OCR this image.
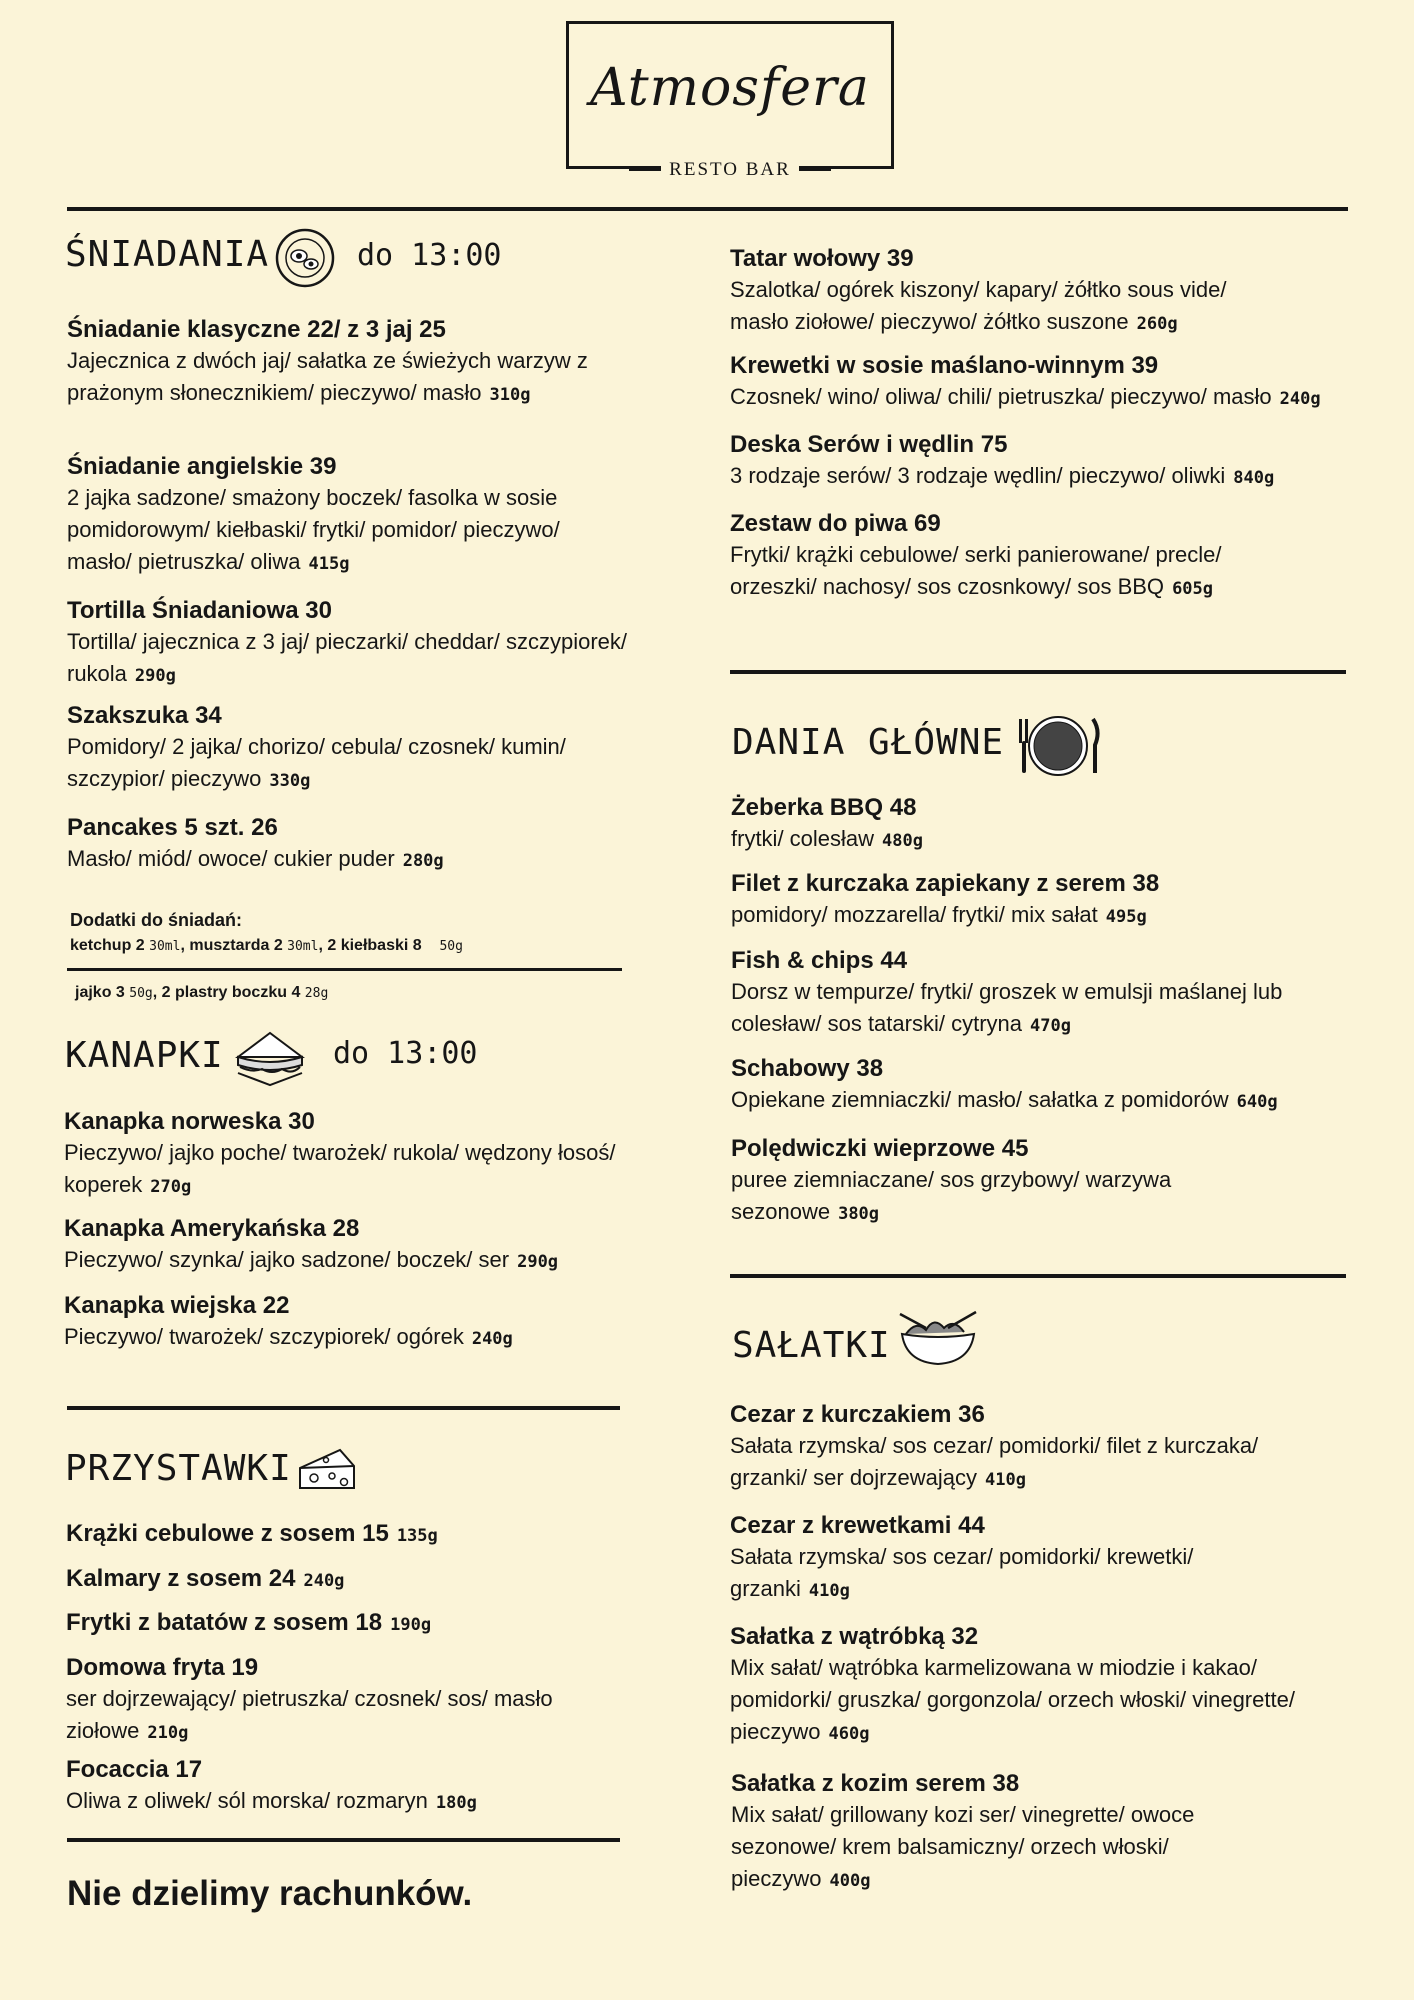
Atmosfera
RESTO BAR
ŚNIADANIA	do 13:00
Śniadanie klasyczne 22/ z 3 jaj 25
Jajecznica z dwóch jaj/ sałatka ze świeżych warzyw z prażonym słonecznikiem/ pieczywo/ masło 310g
Śniadanie angielskie 39
2 jajka sadzone/ smażony boczek/ fasolka w sosie pomidorowym/ kiełbaski/ frytki/ pomidor/ pieczywo/ masło/ pietruszka/ oliwa 415g
Tortilla Śniadaniowa 30
Tortilla/ jajecznica z 3 jaj/ pieczarki/ cheddar/ szczypiorek/ rukola 290g
Szakszuka 34
Pomidory/ 2 jajka/ chorizo/ cebula/ czosnek/ kumin/ szczypior/ pieczywo 330g
Pancakes 5 szt. 26
Masło/ miód/ owoce/ cukier puder 280g
Dodatki do śniadań:
ketchup 2 30ml, musztarda 2 30ml, 2 kiełbaski 8    50g
jajko 3 50g, 2 plastry boczku 4 28g
KANAPKI	do 13:00
Kanapka norweska 30
Pieczywo/ jajko poche/ twarożek/ rukola/ wędzony łosoś/ koperek 270g
Kanapka Amerykańska 28
Pieczywo/ szynka/ jajko sadzone/ boczek/ ser 290g
Kanapka wiejska 22
Pieczywo/ twarożek/ szczypiorek/ ogórek 240g
PRZYSTAWKI
Krążki cebulowe z sosem 15 135g
Kalmary z sosem 24 240g
Frytki z batatów z sosem 18 190g
Domowa fryta 19
ser dojrzewający/ pietruszka/ czosnek/ sos/ masło ziołowe 210g
Focaccia 17
Oliwa z oliwek/ sól morska/ rozmaryn 180g
Nie dzielimy rachunków.
Tatar wołowy 39
Szalotka/ ogórek kiszony/ kapary/ żółtko sous vide/ masło ziołowe/ pieczywo/ żółtko suszone 260g
Krewetki w sosie maślano-winnym 39
Czosnek/ wino/ oliwa/ chili/ pietruszka/ pieczywo/ masło 240g
Deska Serów i wędlin 75
3 rodzaje serów/ 3 rodzaje wędlin/ pieczywo/ oliwki 840g
Zestaw do piwa 69
Frytki/ krążki cebulowe/ serki panierowane/ precle/ orzeszki/ nachosy/ sos czosnkowy/ sos BBQ 605g
DANIA GŁÓWNE
Żeberka BBQ 48
frytki/ colesław 480g
Filet z kurczaka zapiekany z serem 38
pomidory/ mozzarella/ frytki/ mix sałat 495g
Fish & chips 44
Dorsz w tempurze/ frytki/ groszek w emulsji maślanej lub colesław/ sos tatarski/ cytryna 470g
Schabowy 38
Opiekane ziemniaczki/ masło/ sałatka z pomidorów 640g
Polędwiczki wieprzowe 45
puree ziemniaczane/ sos grzybowy/ warzywa sezonowe 380g
SAŁATKI
Cezar z kurczakiem 36
Sałata rzymska/ sos cezar/ pomidorki/ filet z kurczaka/ grzanki/ ser dojrzewający 410g
Cezar z krewetkami 44
Sałata rzymska/ sos cezar/ pomidorki/ krewetki/ grzanki 410g
Sałatka z wątróbką 32
Mix sałat/ wątróbka karmelizowana w miodzie i kakao/ pomidorki/ gruszka/ gorgonzola/ orzech włoski/ vinegrette/ pieczywo 460g
Sałatka z kozim serem 38
Mix sałat/ grillowany kozi ser/ vinegrette/ owoce sezonowe/ krem balsamiczny/ orzech włoski/ pieczywo 400g
